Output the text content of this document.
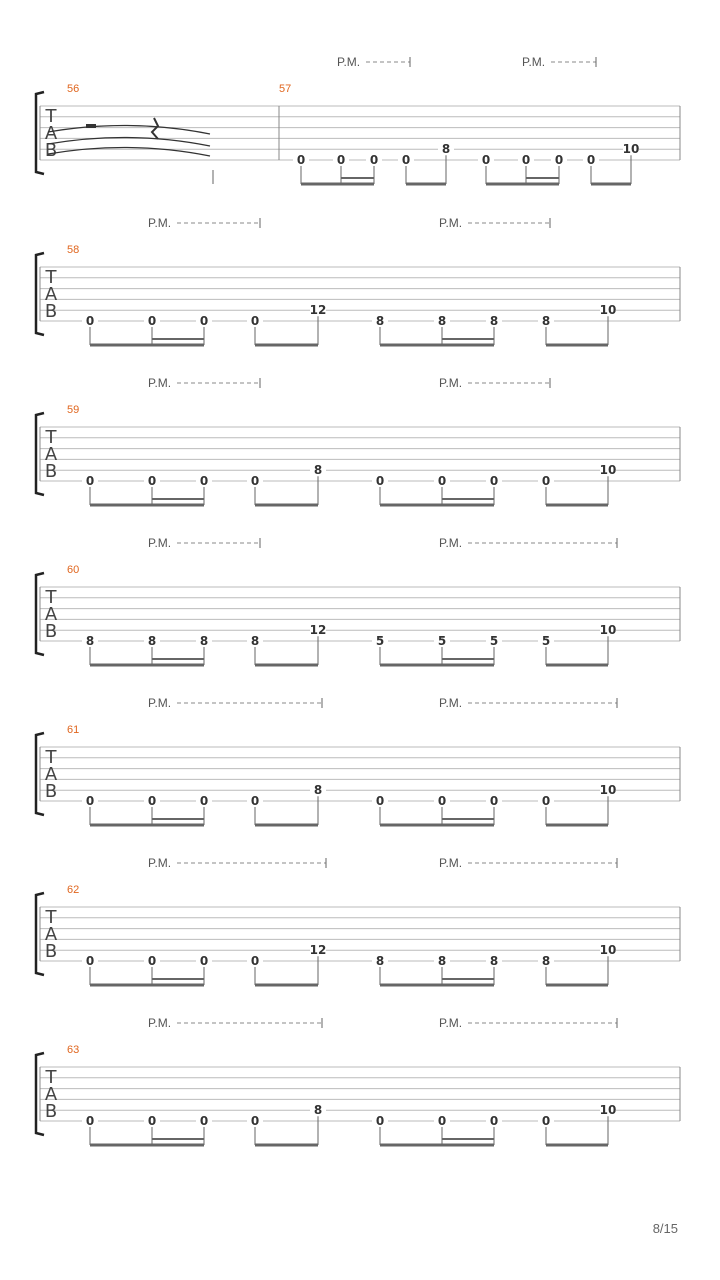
T
A
B
56	57
0	0 0 0
8
0	0 0 0
10
P.M.	P.M.
T
A
B
58
0	0	0	0
12
8	8	8	8
10
P.M.	P.M.
T
A
B
59
0	0	0	0
8
0	0	0	0
10
P.M.	P.M.
T
A
B
60
8	8	8	8
12
5	5	5	5
10
P.M.	P.M.
T
A
B
61
0	0	0	0
8
0	0	0	0
10
P.M.	P.M.
T
A
B
62
0	0	0	0
12
8	8	8	8
10
P.M.	P.M.
T
A
B
63
0	0	0	0
8
0	0	0	0
10
P.M.	P.M.
8/15
